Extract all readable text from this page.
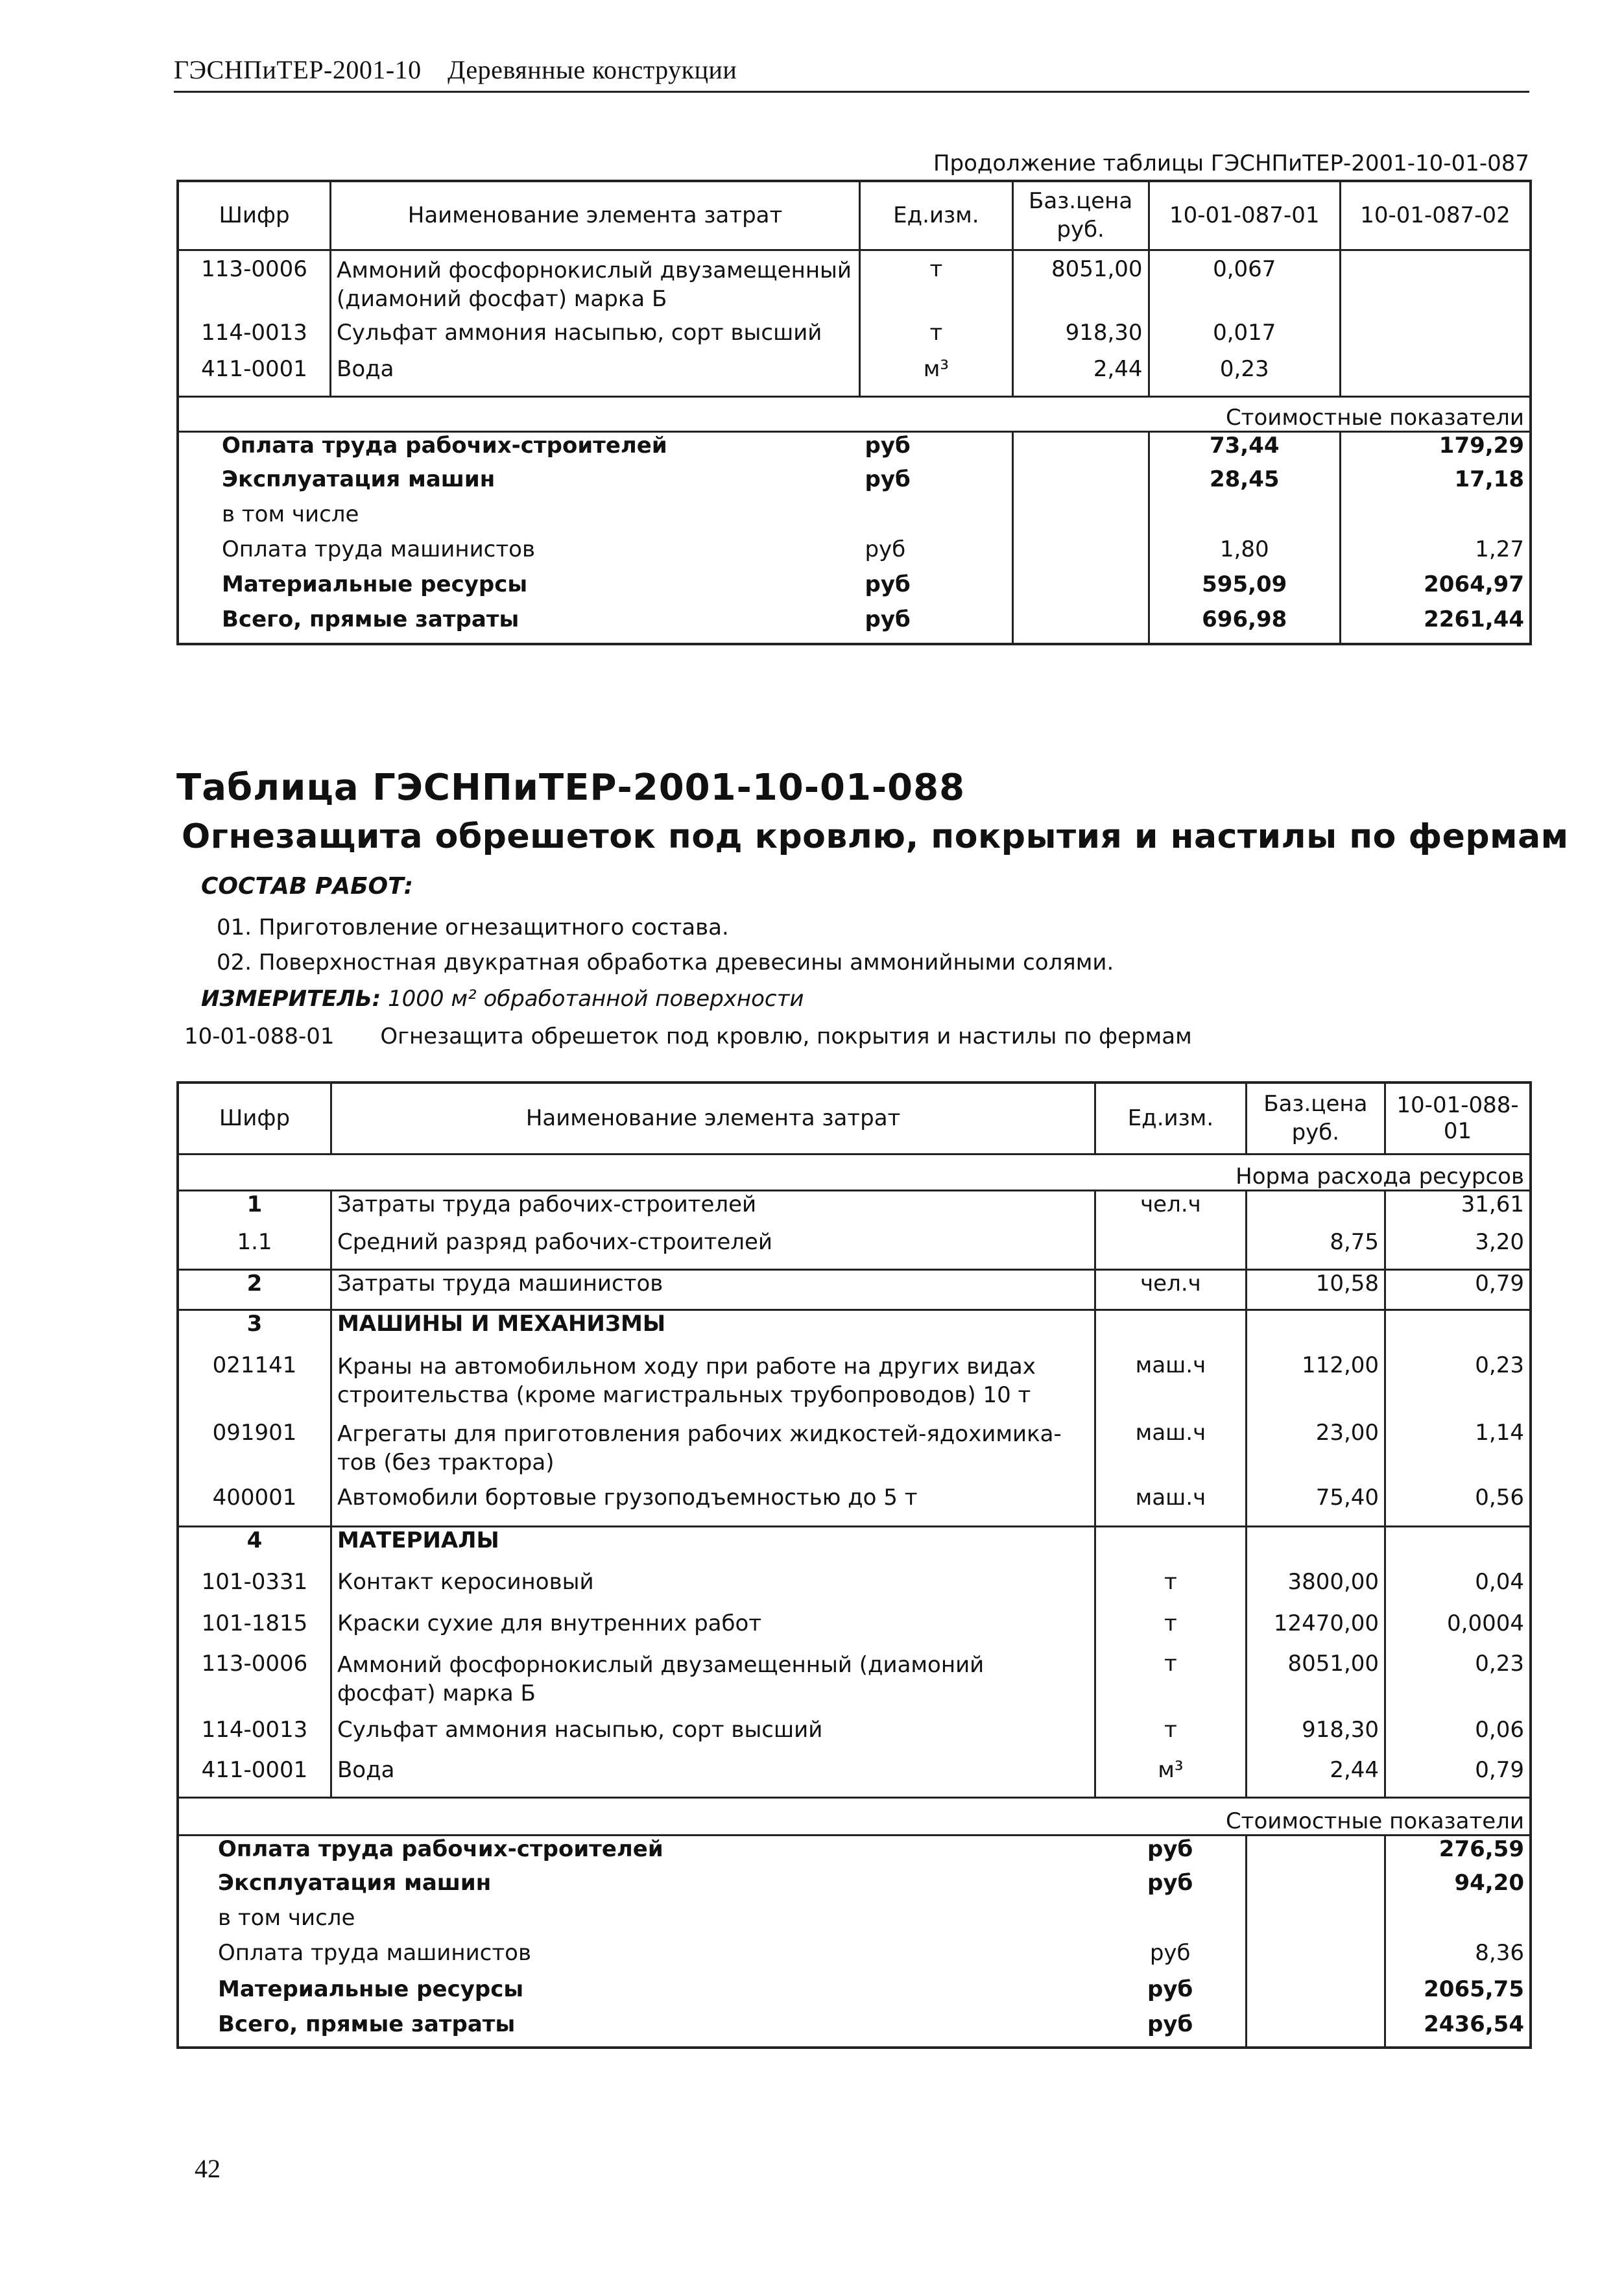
ГЭСНПиТЕР-2001-10 Деревянные конструкции
Продолжение таблицы ГЭСНПиТЕР-2001-10-01-087
Шифр	Наименование элемента затрат	Ед.изм.	Баз.цена руб.	10-01-087-01	10-01-087-02
113-0006	Аммоний фосфорнокислый двузамещенный (диамоний фосфат) марка Б	т	8051,00	0,067	
114-0013	Сульфат аммония насыпью, сорт высший	т	918,30	0,017	
411-0001	Вода	м³	2,44	0,23	
Стоимостные показатели					
Оплата труда рабочих-строителей		руб		73,44	179,29
Эксплуатация машин		руб		28,45	17,18
в том числе					
Оплата труда машинистов		руб		1,80	1,27
Материальные ресурсы		руб		595,09	2064,97
Всего, прямые затраты		руб		696,98	2261,44
Таблица ГЭСНПиТЕР-2001-10-01-088
Огнезащита обрешеток под кровлю, покрытия и настилы по фермам
СОСТАВ РАБОТ:
01. Приготовление огнезащитного состава.
02. Поверхностная двукратная обработка древесины аммонийными солями.
ИЗМЕРИТЕЛЬ: 1000 м² обработанной поверхности
10-01-088-01 Огнезащита обрешеток под кровлю, покрытия и настилы по фермам
Шифр	Наименование элемента затрат	Ед.изм.	Баз.цена руб.	10-01-088-01
Норма расхода ресурсов				
1	Затраты труда рабочих-строителей	чел.ч		31,61
1.1	Средний разряд рабочих-строителей		8,75	3,20
2	Затраты труда машинистов	чел.ч	10,58	0,79
3	МАШИНЫ И МЕХАНИЗМЫ			
021141	Краны на автомобильном ходу при работе на других видах строительства (кроме магистральных трубопроводов) 10 т	маш.ч	112,00	0,23
091901	Агрегаты для приготовления рабочих жидкостей-ядохимика-тов (без трактора)	маш.ч	23,00	1,14
400001	Автомобили бортовые грузоподъемностью до 5 т	маш.ч	75,40	0,56
4	МАТЕРИАЛЫ			
101-0331	Контакт керосиновый	т	3800,00	0,04
101-1815	Краски сухие для внутренних работ	т	12470,00	0,0004
113-0006	Аммоний фосфорнокислый двузамещенный (диамоний фосфат) марка Б	т	8051,00	0,23
114-0013	Сульфат аммония насыпью, сорт высший	т	918,30	0,06
411-0001	Вода	м³	2,44	0,79
Стоимостные показатели				
Оплата труда рабочих-строителей		руб		276,59
Эксплуатация машин		руб		94,20
в том числе				
Оплата труда машинистов		руб		8,36
Материальные ресурсы		руб		2065,75
Всего, прямые затраты		руб		2436,54
42
